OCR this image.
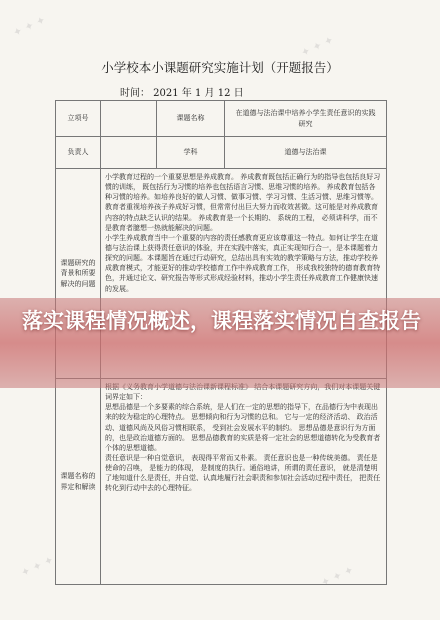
✦ ✦ ✦
✦ ✦ ✦
✦ ✦ ✦	✦ ✦ ✦
小学校本小课题研究实施计划（开题报告）
时间： 2021 年 1 月 12 日
立项号		课题名称	在道德与法治课中培养小学生责任意识的实践研究
负责人		学科	道德与法治课
课题研究的背景和所要解决的问题	小学教育过程的一个重要思想是养成教育。 养成教育既包括正确行为的指导也包括良好习惯的训练， 既包括行为习惯的培养也包括语言习惯、思维习惯的培养。 养成教育包括各种习惯的培养。如培养良好的做人习惯、做事习惯、学习习惯、生活习惯、思维习惯等。教育者重视培养孩子养成好习惯，但常常付出巨大努力而收效甚微。这可能是对养成教育内容的特点缺乏认识的结果。 养成教育是一个长期的、 系统的工程， 必须讲科学，而不是教育者臆想一热就能解决的问题。
小学生养成教育当中一个重要的内容的责任感教育更应该尊重这一特点。如何让学生在道德与法治课上获得责任意识的体验，并在实践中落实，真正实现知行合一，是本课题着力探究的问题。本课题旨在通过行动研究，总结出具有实效的教学策略与方法，推动学校养成教育模式，才能更好的推动学校德育工作中养成教育工作， 形成我校独特的德育教育特色，并通过论文、研究报告等形式形成经验材料，推动小学生责任养成教育工作健康快速的发展。		

课题名称的界定和解读	词界定如下：
思想品德是一个多要素的综合系统，是人们在一定的思想的指导下，在品德行为中表现出来的较为稳定的心理特点。 思想倾向和行为习惯的总和。 它与一定的经济活动、 政治活动、道德风尚及风俗习惯相联系， 受到社会发展水平的制约。 思想品德是意识行为方面的，也是政治道德方面的。 思想品德教育的实质是将一定社会的思想道德转化为受教育者个体的思想道德。
责任意识是一种自觉意识， 表现得平常而又朴素。 责任意识也是一种传统美德。 责任是使命的召唤， 是能力的体现， 是制度的执行。通俗地讲，所谓的责任意识， 就是清楚明了地知道什么是责任，并自觉、认真地履行社会职责和参加社会活动过程中责任， 把责任转化到行动中去的心理特征。		
落实课程情况概述，课程落实情况自查报告
